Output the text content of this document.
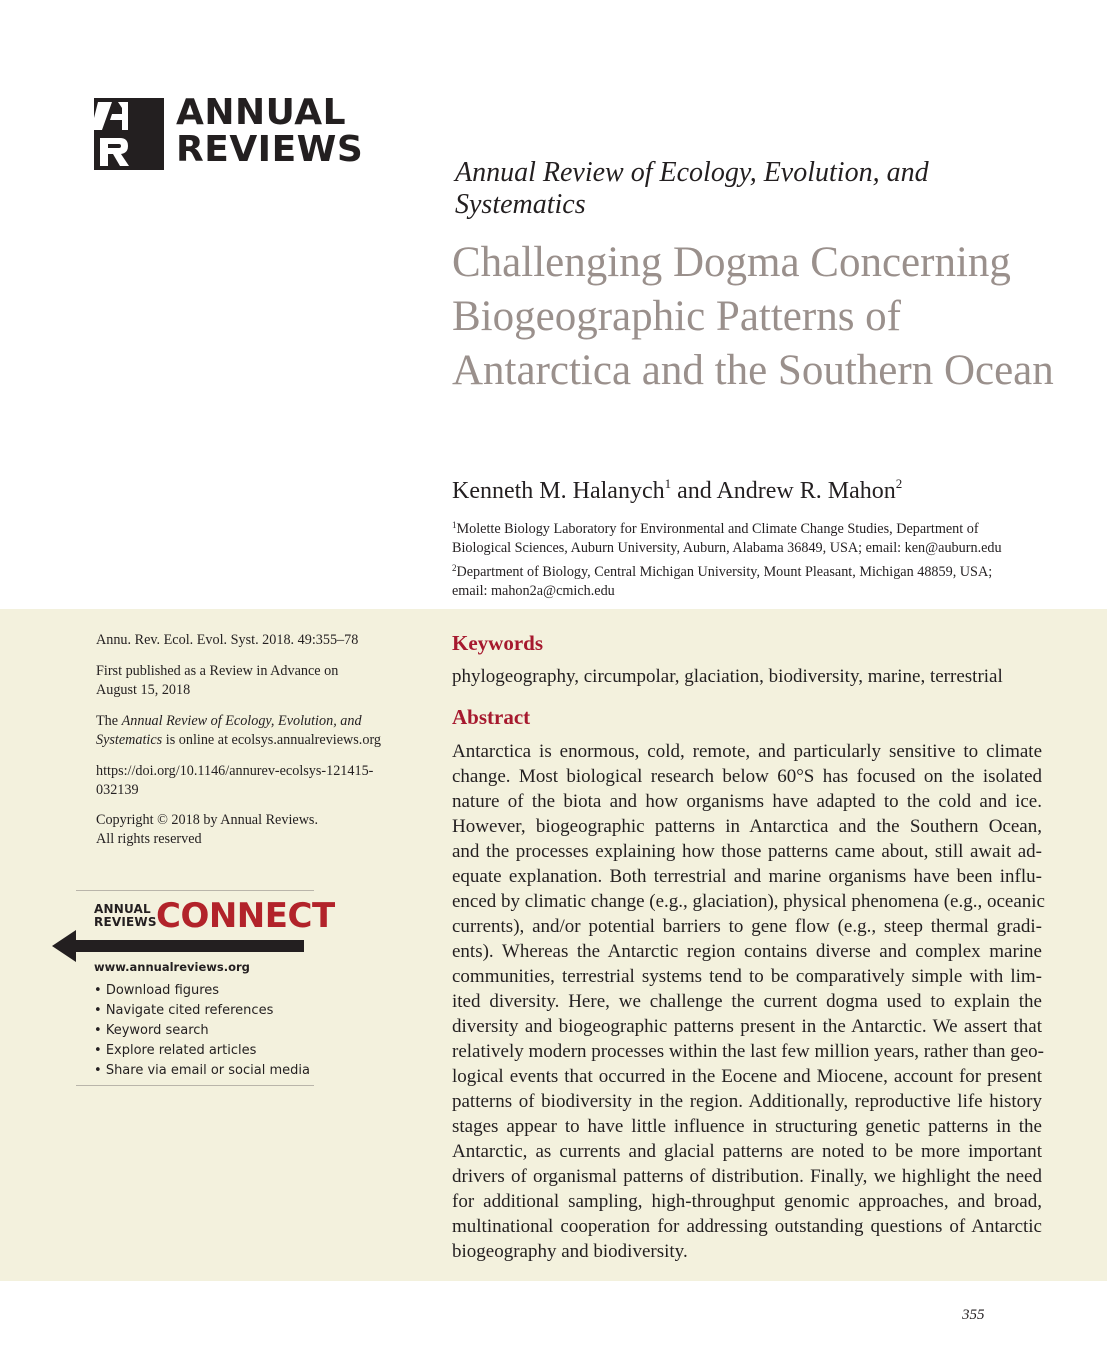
ANNUAL
REVIEWS
Annual Review of Ecology, Evolution, and Systematics
Challenging Dogma Concerning Biogeographic Patterns of Antarctica and the Southern Ocean
Kenneth M. Halanych$^1$ and Andrew R. Mahon$^2$
$^1$Molette Biology Laboratory for Environmental and Climate Change Studies, Department of
Biological Sciences, Auburn University, Auburn, Alabama 36849, USA; email: ken@auburn.edu
$^2$Department of Biology, Central Michigan University, Mount Pleasant, Michigan 48859, USA;
email: mahon2a@cmich.edu
Annu. Rev. Ecol. Evol. Syst. 2018. 49:355–78
First published as a Review in Advance on
August 15, 2018
The Annual Review of Ecology, Evolution, and
Systematics is online at ecolsys.annualreviews.org
https://doi.org/10.1146/annurev-ecolsys-121415-
032139
Copyright © 2018 by Annual Reviews.
All rights reserved
ANNUAL
REVIEWS CONNECT
www.annualreviews.org
• Download figures
• Navigate cited references
• Keyword search
• Explore related articles
• Share via email or social media
Keywords
phylogeography, circumpolar, glaciation, biodiversity, marine, terrestrial
Abstract
Antarctica is enormous, cold, remote, and particularly sensitive to climate
change. Most biological research below 60°S has focused on the isolated
nature of the biota and how organisms have adapted to the cold and ice.
However, biogeographic patterns in Antarctica and the Southern Ocean,
and the processes explaining how those patterns came about, still await ad-
equate explanation. Both terrestrial and marine organisms have been influ-
enced by climatic change (e.g., glaciation), physical phenomena (e.g., oceanic
currents), and/or potential barriers to gene flow (e.g., steep thermal gradi-
ents). Whereas the Antarctic region contains diverse and complex marine
communities, terrestrial systems tend to be comparatively simple with lim-
ited diversity. Here, we challenge the current dogma used to explain the
diversity and biogeographic patterns present in the Antarctic. We assert that
relatively modern processes within the last few million years, rather than geo-
logical events that occurred in the Eocene and Miocene, account for present
patterns of biodiversity in the region. Additionally, reproductive life history
stages appear to have little influence in structuring genetic patterns in the
Antarctic, as currents and glacial patterns are noted to be more important
drivers of organismal patterns of distribution. Finally, we highlight the need
for additional sampling, high-throughput genomic approaches, and broad,
multinational cooperation for addressing outstanding questions of Antarctic
biogeography and biodiversity.
355
